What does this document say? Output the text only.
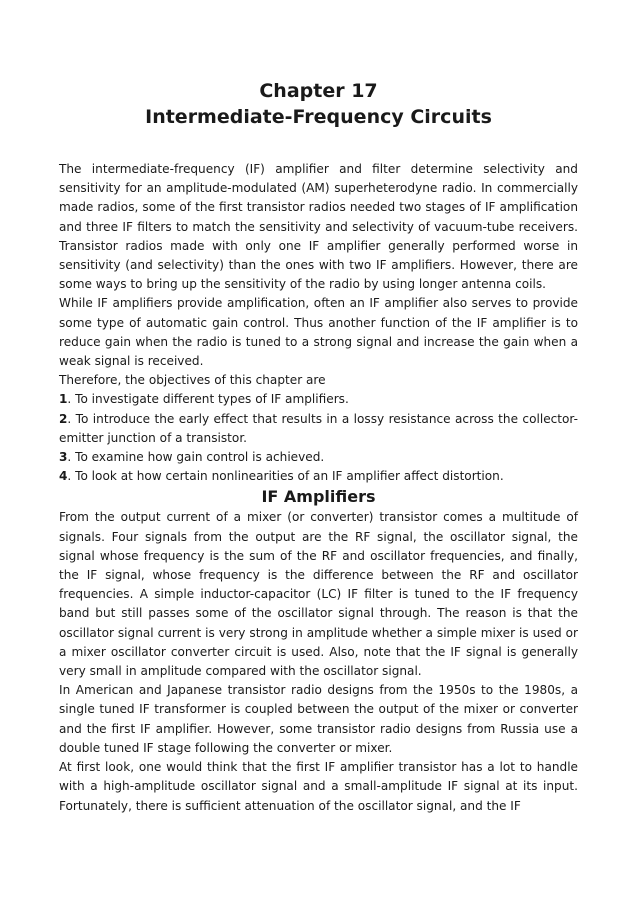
Chapter 17
Intermediate-Frequency Circuits

The intermediate-frequency (IF) amplifier and filter determine selectivity and sensitivity for an amplitude-modulated (AM) superheterodyne radio. In commercially made radios, some of the first transistor radios needed two stages of IF amplification and three IF filters to match the sensitivity and selectivity of vacuum-tube receivers. Transistor radios made with only one IF amplifier generally performed worse in sensitivity (and selectivity) than the ones with two IF amplifiers. However, there are some ways to bring up the sensitivity of the radio by using longer antenna coils.

While IF amplifiers provide amplification, often an IF amplifier also serves to provide some type of automatic gain control. Thus another function of the IF amplifier is to reduce gain when the radio is tuned to a strong signal and increase the gain when a weak signal is received.

Therefore, the objectives of this chapter are

1. To investigate different types of IF amplifiers.
2. To introduce the early effect that results in a lossy resistance across the collector-emitter junction of a transistor.
3. To examine how gain control is achieved.
4. To look at how certain nonlinearities of an IF amplifier affect distortion.
IF Amplifiers

From the output current of a mixer (or converter) transistor comes a multitude of signals. Four signals from the output are the RF signal, the oscillator signal, the signal whose frequency is the sum of the RF and oscillator frequencies, and finally, the IF signal, whose frequency is the difference between the RF and oscillator frequencies. A simple inductor-capacitor (LC) IF filter is tuned to the IF frequency band but still passes some of the oscillator signal through. The reason is that the oscillator signal current is very strong in amplitude whether a simple mixer is used or a mixer oscillator converter circuit is used. Also, note that the IF signal is generally very small in amplitude compared with the oscillator signal.

In American and Japanese transistor radio designs from the 1950s to the 1980s, a single tuned IF transformer is coupled between the output of the mixer or converter and the first IF amplifier. However, some transistor radio designs from Russia use a double tuned IF stage following the converter or mixer.

At first look, one would think that the first IF amplifier transistor has a lot to handle with a high-amplitude oscillator signal and a small-amplitude IF signal at its input. Fortunately, there is sufficient attenuation of the oscillator signal, and the IF
